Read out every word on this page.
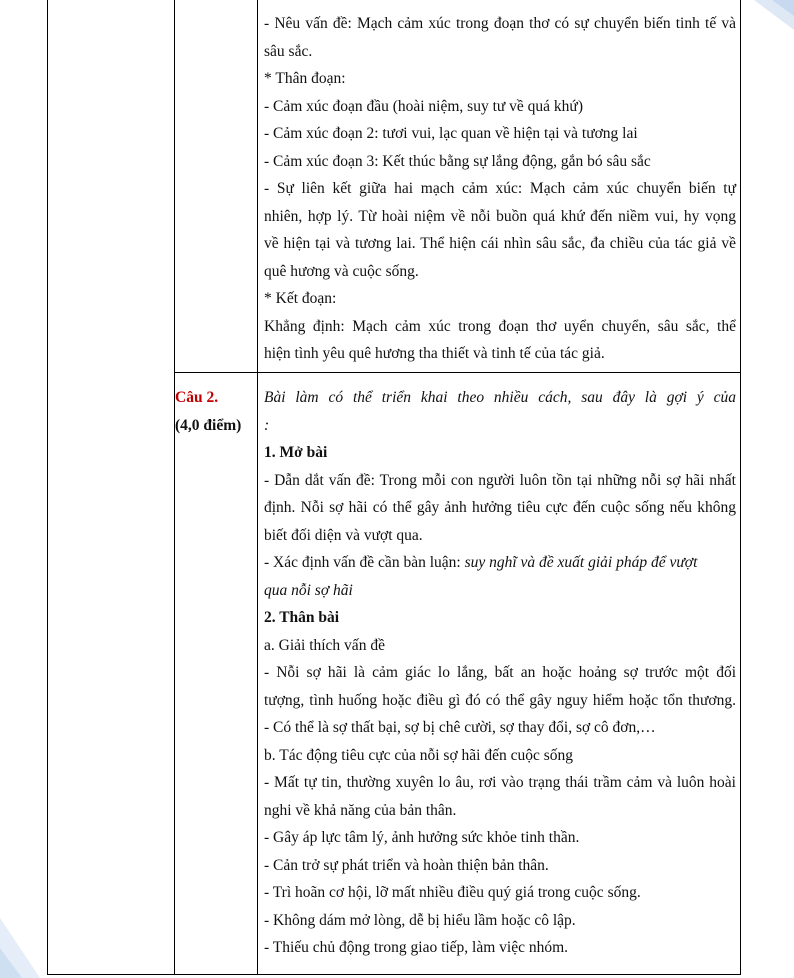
- Nêu vấn đề: Mạch cảm xúc trong đoạn thơ có sự chuyển biến tinh tế và
sâu sắc.
* Thân đoạn:
- Cảm xúc đoạn đầu (hoài niệm, suy tư về quá khứ)
- Cảm xúc đoạn 2: tươi vui, lạc quan về hiện tại và tương lai
- Cảm xúc đoạn 3: Kết thúc bằng sự lắng động, gắn bó sâu sắc
- Sự liên kết giữa hai mạch cảm xúc: Mạch cảm xúc chuyển biến tự
nhiên, hợp lý. Từ hoài niệm về nỗi buồn quá khứ đến niềm vui, hy vọng
về hiện tại và tương lai. Thể hiện cái nhìn sâu sắc, đa chiều của tác giả về
quê hương và cuộc sống.
* Kết đoạn:
Khẳng định: Mạch cảm xúc trong đoạn thơ uyển chuyển, sâu sắc, thể
hiện tình yêu quê hương tha thiết và tinh tế của tác giả.
Câu 2.
(4,0 điểm)
Bài làm có thể triển khai theo nhiều cách, sau đây là gợi ý của
:
1. Mở bài
- Dẫn dắt vấn đề: Trong mỗi con người luôn tồn tại những nỗi sợ hãi nhất
định. Nỗi sợ hãi có thể gây ảnh hưởng tiêu cực đến cuộc sống nếu không
biết đối diện và vượt qua.
- Xác định vấn đề cần bàn luận: suy nghĩ và đề xuất giải pháp để vượt
qua nỗi sợ hãi
2. Thân bài
a. Giải thích vấn đề
- Nỗi sợ hãi là cảm giác lo lắng, bất an hoặc hoảng sợ trước một đối
tượng, tình huống hoặc điều gì đó có thể gây nguy hiểm hoặc tổn thương.
- Có thể là sợ thất bại, sợ bị chê cười, sợ thay đổi, sợ cô đơn,…
b. Tác động tiêu cực của nỗi sợ hãi đến cuộc sống
- Mất tự tin, thường xuyên lo âu, rơi vào trạng thái trầm cảm và luôn hoài
nghi về khả năng của bản thân.
- Gây áp lực tâm lý, ảnh hưởng sức khỏe tinh thần.
- Cản trở sự phát triển và hoàn thiện bản thân.
- Trì hoãn cơ hội, lỡ mất nhiều điều quý giá trong cuộc sống.
- Không dám mở lòng, dễ bị hiểu lầm hoặc cô lập.
- Thiếu chủ động trong giao tiếp, làm việc nhóm.
